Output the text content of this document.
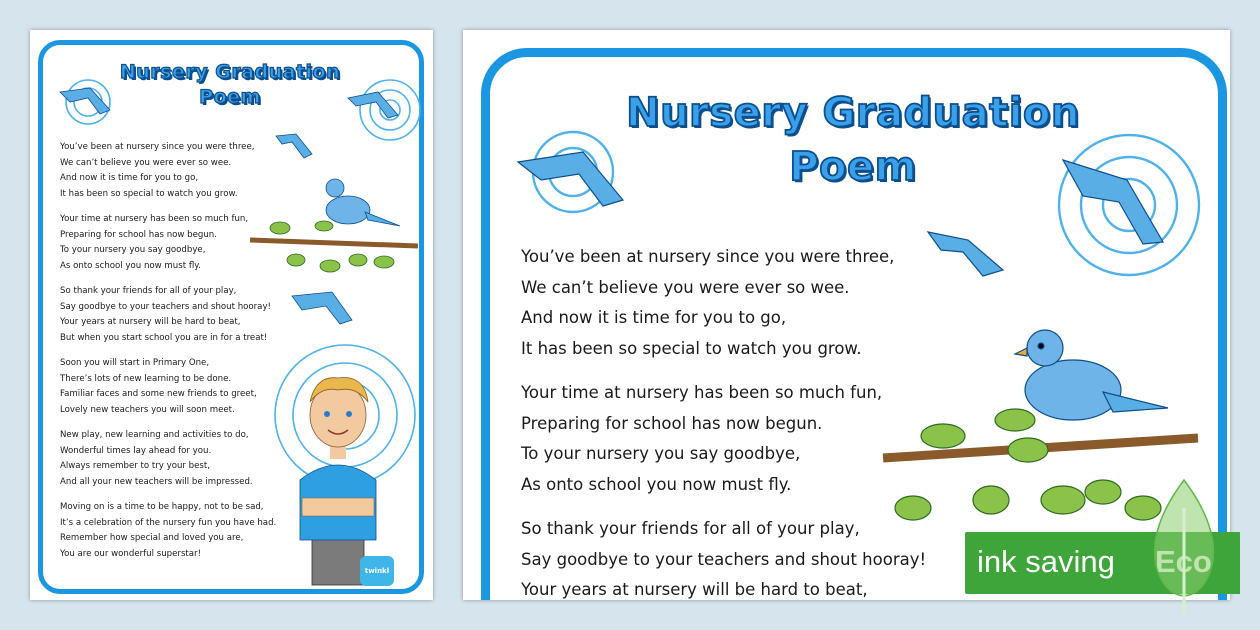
Nursery Graduation
Poem

You’ve been at nursery since you were three,

We can’t believe you were ever so wee.

And now it is time for you to go,

It has been so special to watch you grow.

Your time at nursery has been so much fun,

Preparing for school has now begun.

To your nursery you say goodbye,

As onto school you now must fly.

So thank your friends for all of your play,

Say goodbye to your teachers and shout hooray!

Your years at nursery will be hard to beat,

But when you start school you are in for a treat!

Soon you will start in Primary One,

There’s lots of new learning to be done.

Familiar faces and some new friends to greet,

Lovely new teachers you will soon meet.

New play, new learning and activities to do,

Wonderful times lay ahead for you.

Always remember to try your best,

And all your new teachers will be impressed.

Moving on is a time to be happy, not to be sad,

It’s a celebration of the nursery fun you have had.

Remember how special and loved you are,

You are our wonderful superstar!

twinkl
Nursery Graduation
Poem

You’ve been at nursery since you were three,

We can’t believe you were ever so wee.

And now it is time for you to go,

It has been so special to watch you grow.

Your time at nursery has been so much fun,

Preparing for school has now begun.

To your nursery you say goodbye,

As onto school you now must fly.

So thank your friends for all of your play,

Say goodbye to your teachers and shout hooray!

Your years at nursery will be hard to beat,

ink saving
